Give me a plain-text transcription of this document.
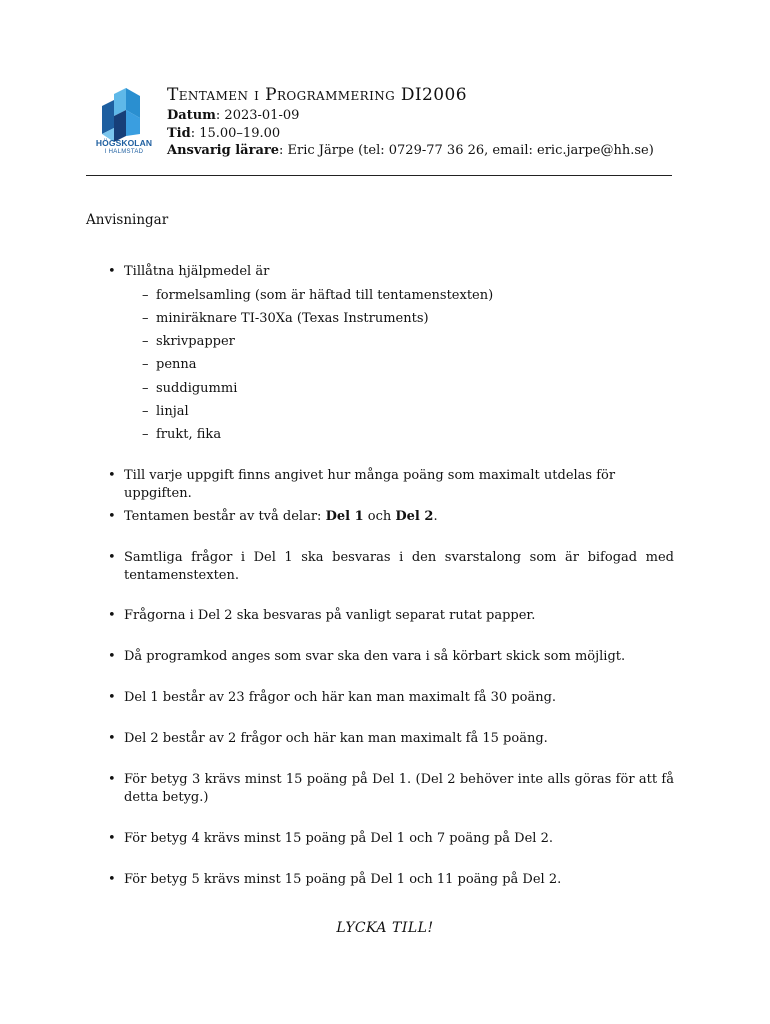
HÖGSKOLAN
I HALMSTAD
Tentamen i Programmering DI2006
Datum: 2023-01-09
Tid: 15.00–19.00
Ansvarig lärare: Eric Järpe (tel: 0729-77 36 26, email: eric.jarpe@hh.se)
Anvisningar
• Tillåtna hjälpmedel är
– formelsamling (som är häftad till tentamenstexten)
– miniräknare TI-30Xa (Texas Instruments)
– skrivpapper
– penna
– suddigummi
– linjal
– frukt, fika
• Till varje uppgift finns angivet hur många poäng som maximalt utdelas för uppgiften.
• Tentamen består av två delar: Del 1 och Del 2.
• Samtliga frågor i Del 1 ska besvaras i den svarstalong som är bifogad med tentamenstexten.
• Frågorna i Del 2 ska besvaras på vanligt separat rutat papper.
• Då programkod anges som svar ska den vara i så körbart skick som möjligt.
• Del 1 består av 23 frågor och här kan man maximalt få 30 poäng.
• Del 2 består av 2 frågor och här kan man maximalt få 15 poäng.
• För betyg 3 krävs minst 15 poäng på Del 1. (Del 2 behöver inte alls göras för att få detta betyg.)
• För betyg 4 krävs minst 15 poäng på Del 1 och 7 poäng på Del 2.
• För betyg 5 krävs minst 15 poäng på Del 1 och 11 poäng på Del 2.
LYCKA TILL!
